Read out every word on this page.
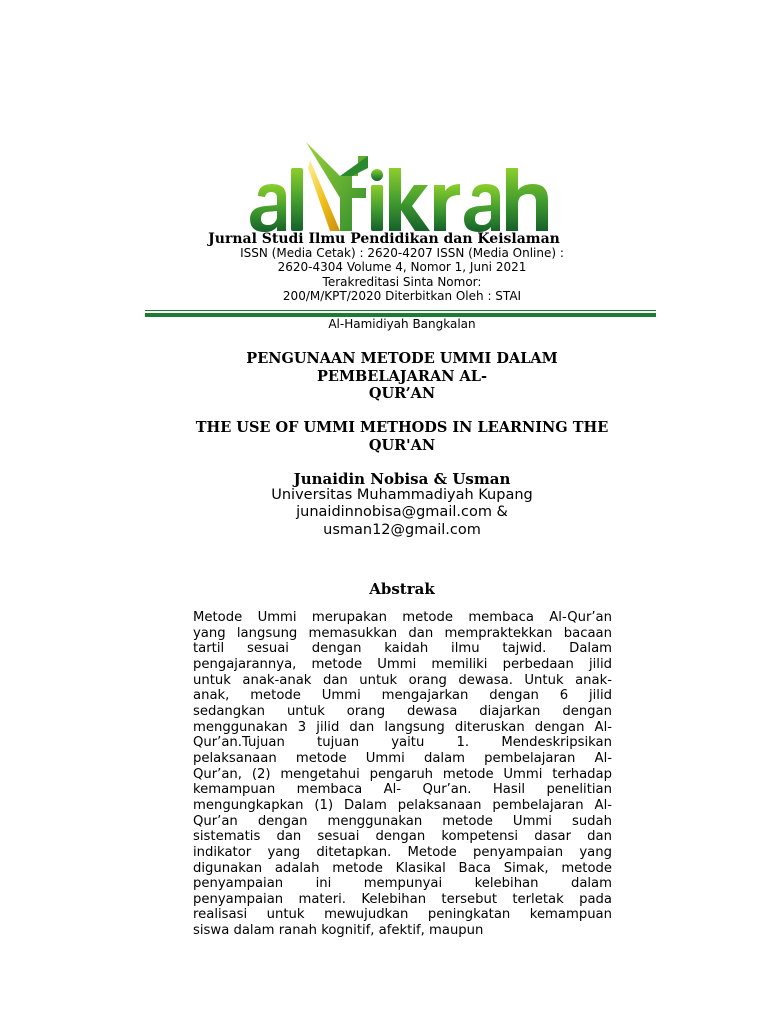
Jurnal Studi Ilmu Pendidikan dan Keislaman
ISSN (Media Cetak) : 2620-4207 ISSN (Media Online) :
2620-4304 Volume 4, Nomor 1, Juni 2021
Terakreditasi Sinta Nomor:
200/M/KPT/2020 Diterbitkan Oleh : STAI
Al-Hamidiyah Bangkalan
PENGUNAAN METODE UMMI DALAM
PEMBELAJARAN AL-
QUR’AN
THE USE OF UMMI METHODS IN LEARNING THE
QUR'AN
Junaidin Nobisa & Usman
Universitas Muhammadiyah Kupang
junaidinnobisa@gmail.com &
usman12@gmail.com
Abstrak
Metode Ummi merupakan metode membaca Al-Qur’an
yang langsung memasukkan dan mempraktekkan bacaan
tartil sesuai dengan kaidah ilmu tajwid. Dalam
pengajarannya, metode Ummi memiliki perbedaan jilid
untuk anak-anak dan untuk orang dewasa. Untuk anak-
anak, metode Ummi mengajarkan dengan 6 jilid
sedangkan untuk orang dewasa diajarkan dengan
menggunakan 3 jilid dan langsung diteruskan dengan Al-
Qur’an.Tujuan tujuan yaitu 1. Mendeskripsikan
pelaksanaan metode Ummi dalam pembelajaran Al-
Qur’an, (2) mengetahui pengaruh metode Ummi terhadap
kemampuan membaca Al- Qur’an. Hasil penelitian
mengungkapkan (1) Dalam pelaksanaan pembelajaran Al-
Qur’an dengan menggunakan metode Ummi sudah
sistematis dan sesuai dengan kompetensi dasar dan
indikator yang ditetapkan. Metode penyampaian yang
digunakan adalah metode Klasikal Baca Simak, metode
penyampaian ini mempunyai kelebihan dalam
penyampaian materi. Kelebihan tersebut terletak pada
realisasi untuk mewujudkan peningkatan kemampuan
siswa dalam ranah kognitif, afektif, maupun
